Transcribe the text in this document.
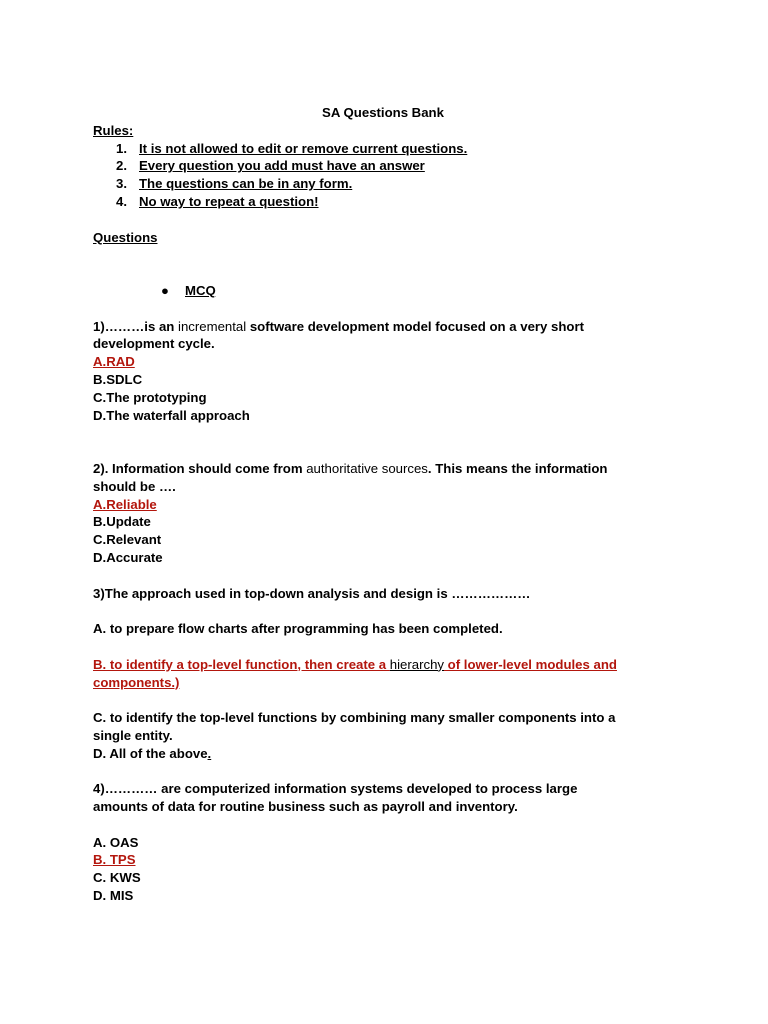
SA Questions Bank
Rules:
1. It is not allowed to edit or remove current questions.
2. Every question you add must have an answer
3. The questions can be in any form.
4. No way to repeat a question!
Questions
● MCQ
1)………is an incremental software development model focused on a very short
development cycle.
A.RAD
B.SDLC
C.The prototyping
D.The waterfall approach
2). Information should come from authoritative sources. This means the information
should be ….
A.Reliable
B.Update
C.Relevant
D.Accurate
3)The approach used in top-down analysis and design is ………………
A. to prepare flow charts after programming has been completed.
B. to identify a top-level function, then create a hierarchy of lower-level modules and
components.)
C. to identify the top-level functions by combining many smaller components into a
single entity.
D. All of the above.
4)………… are computerized information systems developed to process large
amounts of data for routine business such as payroll and inventory.
A. OAS
B. TPS
C. KWS
D. MIS
